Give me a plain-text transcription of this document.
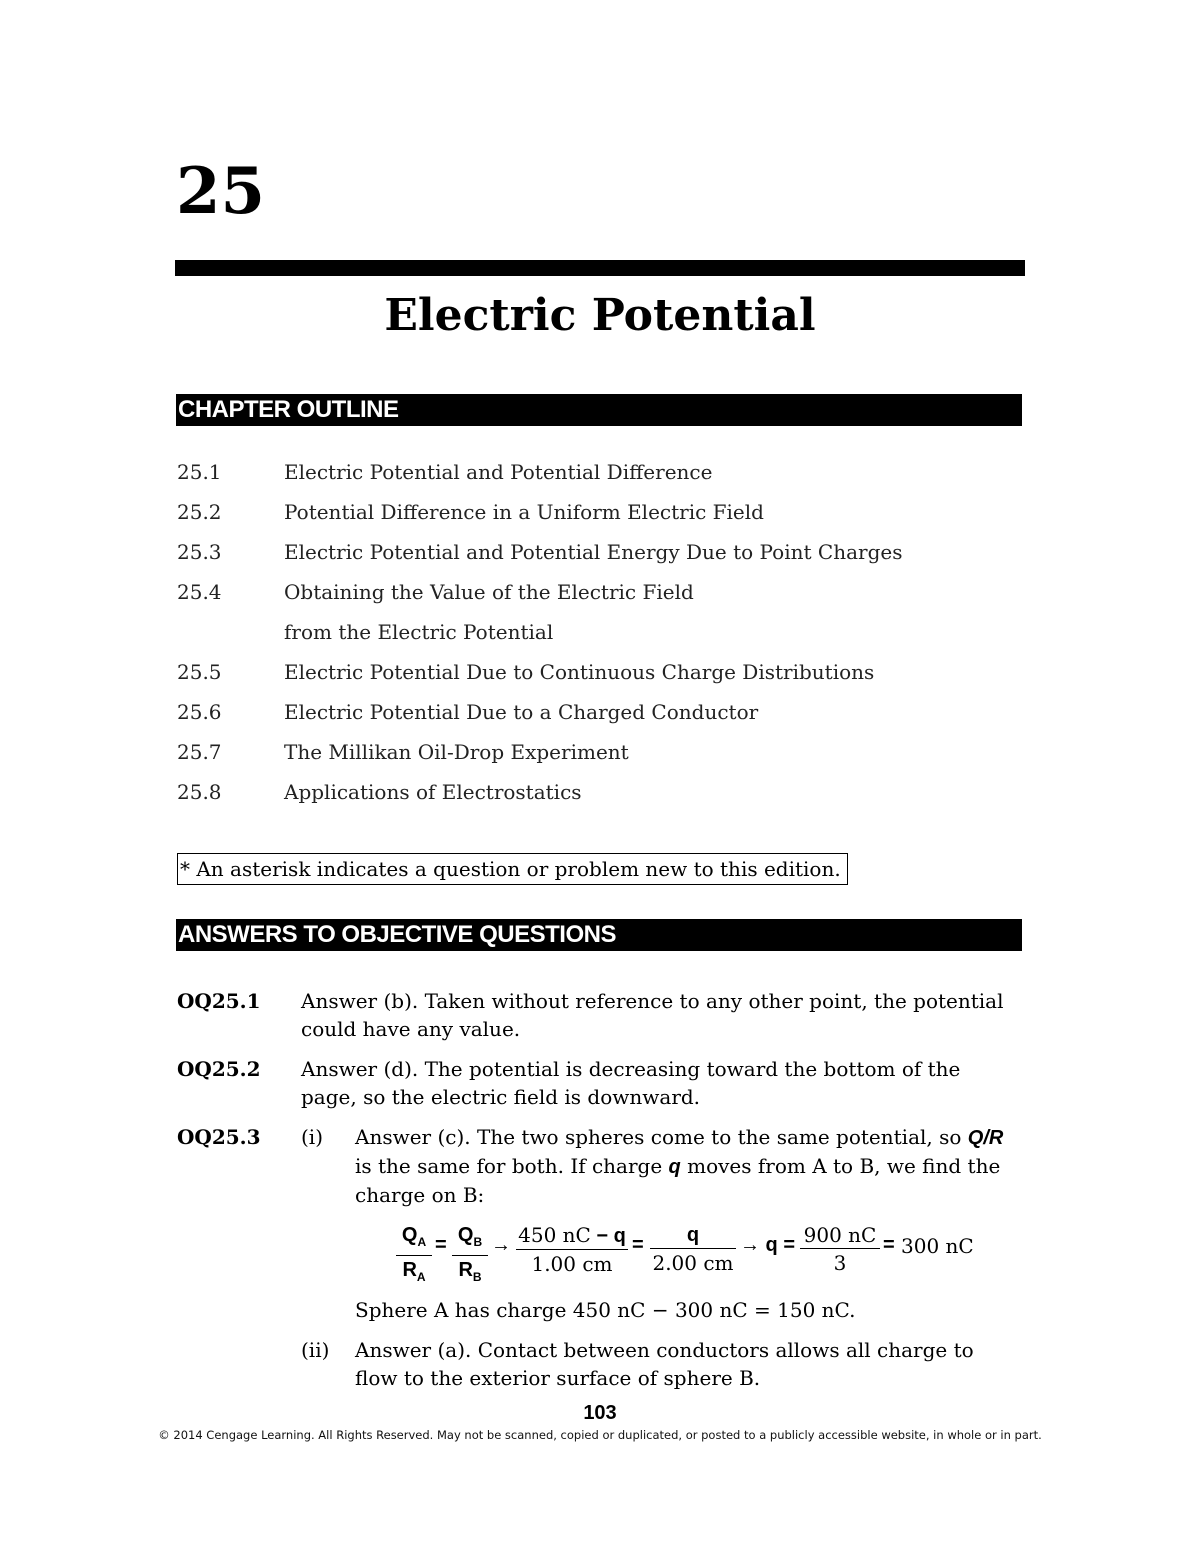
25
Electric Potential
CHAPTER OUTLINE
25.1	Electric Potential and Potential Difference
25.2	Potential Difference in a Uniform Electric Field
25.3	Electric Potential and Potential Energy Due to Point Charges
25.4	Obtaining the Value of the Electric Field
from the Electric Potential
25.5	Electric Potential Due to Continuous Charge Distributions
25.6	Electric Potential Due to a Charged Conductor
25.7	The Millikan Oil-Drop Experiment
25.8	Applications of Electrostatics
* An asterisk indicates a question or problem new to this edition.
ANSWERS TO OBJECTIVE QUESTIONS
OQ25.1 Answer (b). Taken without reference to any other point, the potential could have any value.
OQ25.2 Answer (d). The potential is decreasing toward the bottom of the page, so the electric field is downward.
OQ25.3 (i) Answer (c). The two spheres come to the same potential, so Q/R is the same for both. If charge q moves from A to B, we find the charge on B:
$\frac{Q_A}{R_A} = \frac{Q_B}{R_B} \to \frac{450 nC - q}{1.00 cm} = \frac{q}{2.00 cm} \to q = \frac{900 nC}{3} = 300$ nC
Sphere A has charge 450 nC − 300 nC = 150 nC.
(ii) Answer (a). Contact between conductors allows all charge to flow to the exterior surface of sphere B.
103
© 2014 Cengage Learning. All Rights Reserved. May not be scanned, copied or duplicated, or posted to a publicly accessible website, in whole or in part.
